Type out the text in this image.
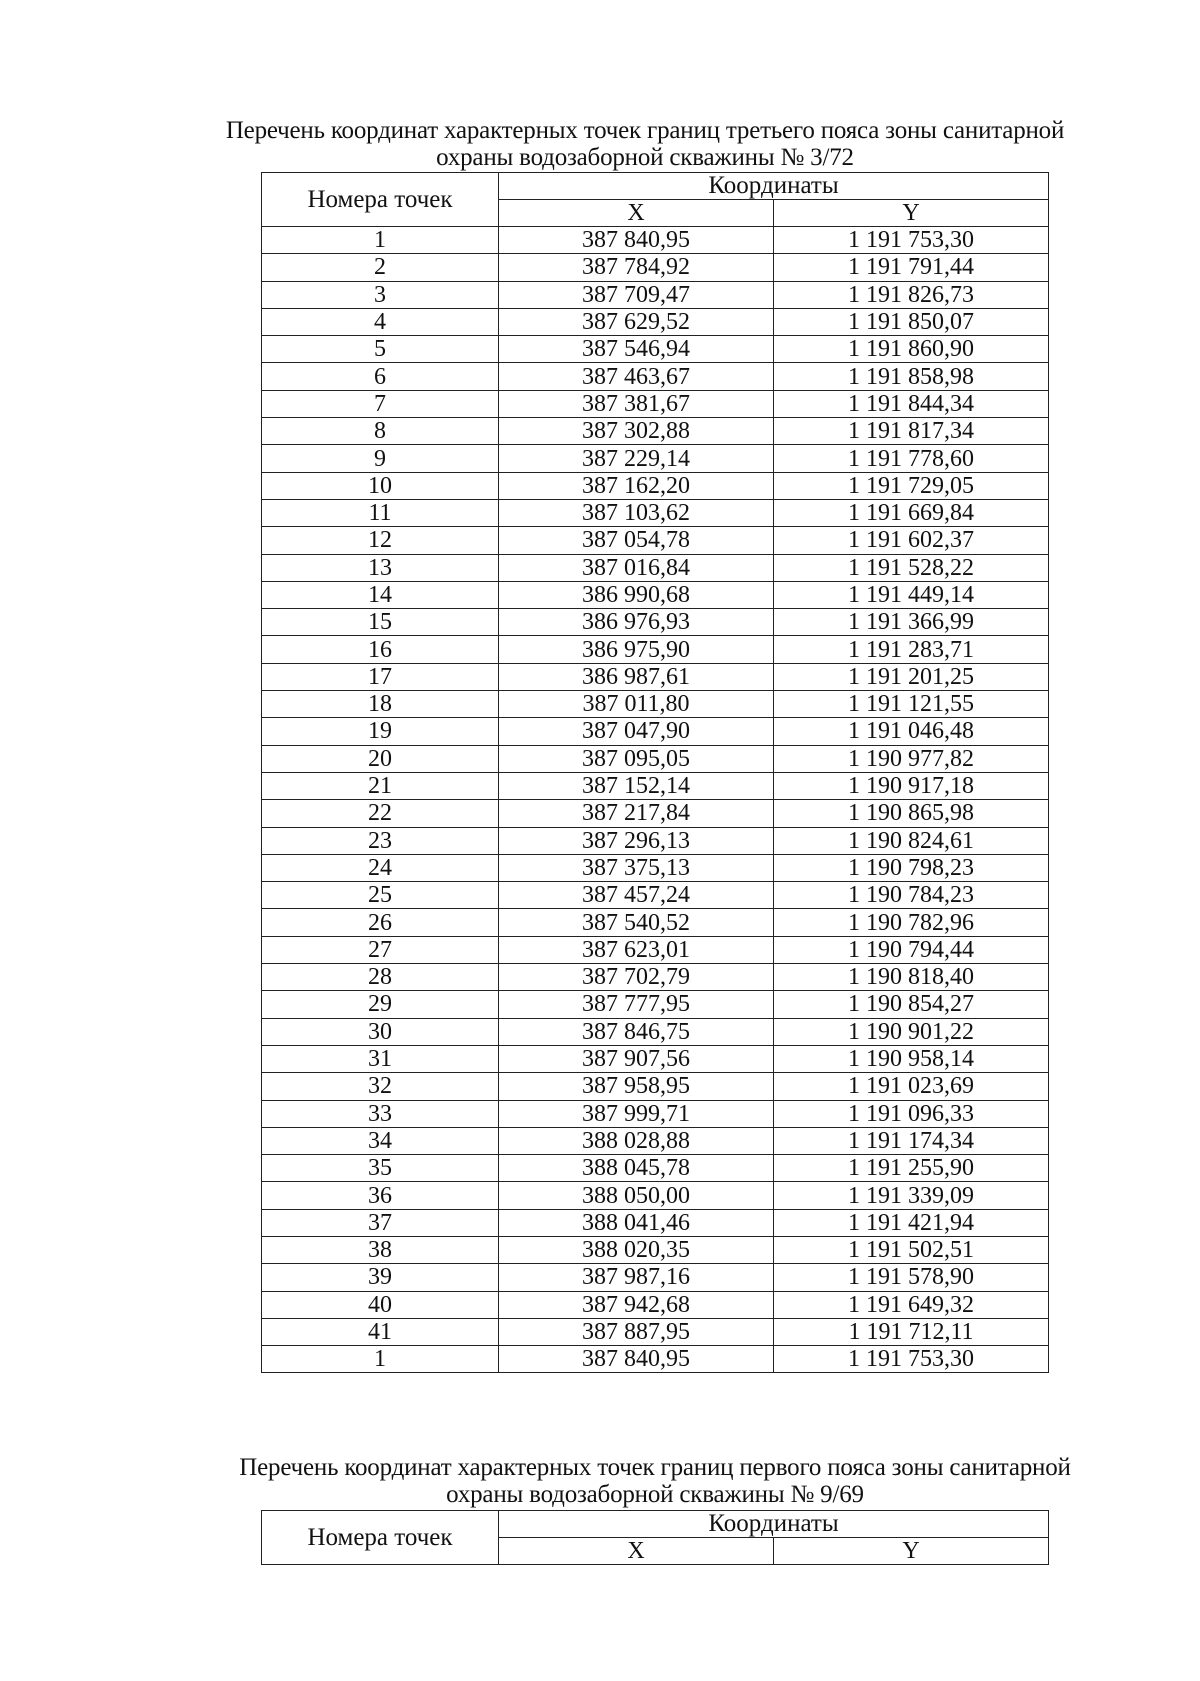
Перечень координат характерных точек границ третьего пояса зоны санитарной
охраны водозаборной скважины № 3/72
Номера точек	Координаты	
	X	Y
1	387 840,95	1 191 753,30
2	387 784,92	1 191 791,44
3	387 709,47	1 191 826,73
4	387 629,52	1 191 850,07
5	387 546,94	1 191 860,90
6	387 463,67	1 191 858,98
7	387 381,67	1 191 844,34
8	387 302,88	1 191 817,34
9	387 229,14	1 191 778,60
10	387 162,20	1 191 729,05
11	387 103,62	1 191 669,84
12	387 054,78	1 191 602,37
13	387 016,84	1 191 528,22
14	386 990,68	1 191 449,14
15	386 976,93	1 191 366,99
16	386 975,90	1 191 283,71
17	386 987,61	1 191 201,25
18	387 011,80	1 191 121,55
19	387 047,90	1 191 046,48
20	387 095,05	1 190 977,82
21	387 152,14	1 190 917,18
22	387 217,84	1 190 865,98
23	387 296,13	1 190 824,61
24	387 375,13	1 190 798,23
25	387 457,24	1 190 784,23
26	387 540,52	1 190 782,96
27	387 623,01	1 190 794,44
28	387 702,79	1 190 818,40
29	387 777,95	1 190 854,27
30	387 846,75	1 190 901,22
31	387 907,56	1 190 958,14
32	387 958,95	1 191 023,69
33	387 999,71	1 191 096,33
34	388 028,88	1 191 174,34
35	388 045,78	1 191 255,90
36	388 050,00	1 191 339,09
37	388 041,46	1 191 421,94
38	388 020,35	1 191 502,51
39	387 987,16	1 191 578,90
40	387 942,68	1 191 649,32
41	387 887,95	1 191 712,11
1	387 840,95	1 191 753,30
Перечень координат характерных точек границ первого пояса зоны санитарной
охраны водозаборной скважины № 9/69
Номера точек	Координаты	
	X	Y
